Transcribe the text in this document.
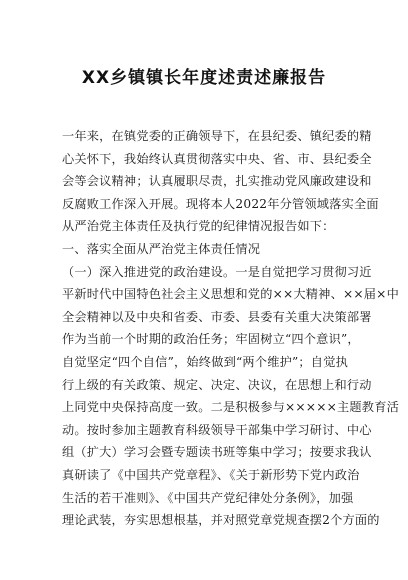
XX乡镇镇长年度述责述廉报告
一年来，在镇党委的正确领导下，在县纪委、镇纪委的精
心关怀下，我始终认真贯彻落实中央、省、市、县纪委全
会等会议精神；认真履职尽责，扎实推动党风廉政建设和
反腐败工作深入开展。现将本人2022年分管领域落实全面
从严治党主体责任及执行党的纪律情况报告如下：
一、落实全面从严治党主体责任情况
（一）深入推进党的政治建设。一是自觉把学习贯彻习近
平新时代中国特色社会主义思想和党的××大精神、××届×中
全会精神以及中央和省委、市委、县委有关重大决策部署
作为当前一个时期的政治任务；牢固树立“四个意识”，
自觉坚定“四个自信”，始终做到“两个维护”；自觉执
行上级的有关政策、规定、决定、决议，在思想上和行动
上同党中央保持高度一致。二是积极参与×××××主题教育活
动。按时参加主题教育科级领导干部集中学习研讨、中心
组（扩大）学习会暨专题读书班等集中学习；按要求我认
真研读了《中国共产党章程》、《关于新形势下党内政治
生活的若干准则》、《中国共产党纪律处分条例》，加强
理论武装，夯实思想根基，并对照党章党规查摆2个方面的
